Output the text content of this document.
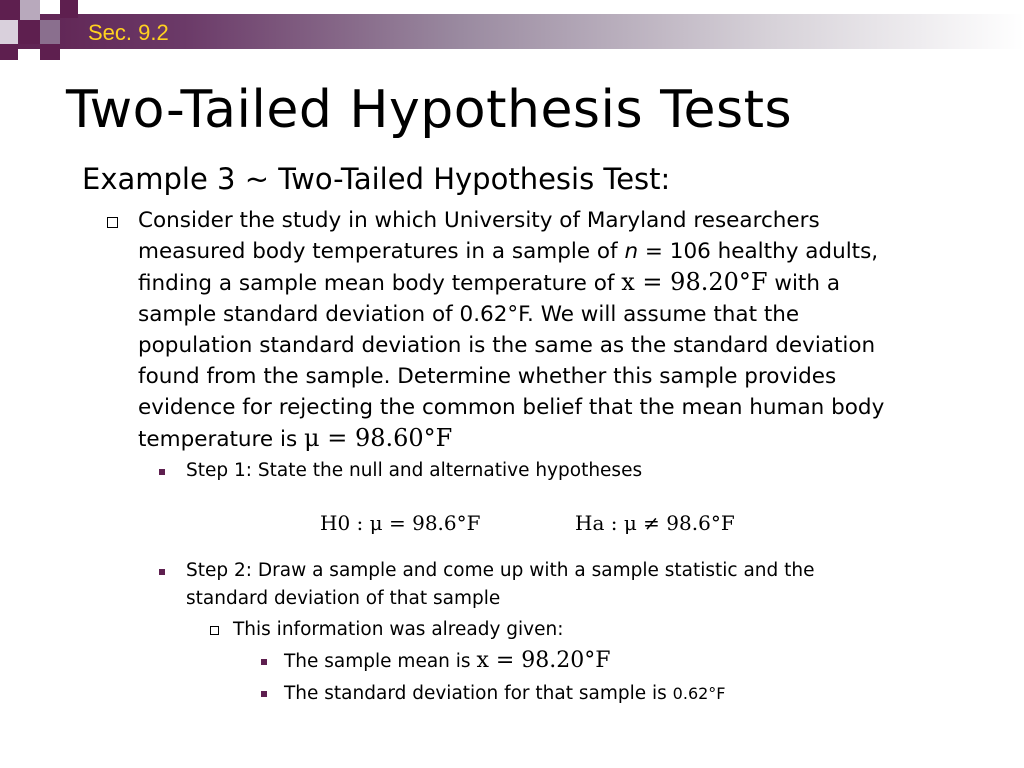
Sec. 9.2
Two-Tailed Hypothesis Tests
Example 3 ~ Two-Tailed Hypothesis Test:
Consider the study in which University of Maryland researchers
measured body temperatures in a sample of n = 106 healthy adults,
finding a sample mean body temperature of x = 98.20°F with a
sample standard deviation of 0.62°F. We will assume that the
population standard deviation is the same as the standard deviation
found from the sample. Determine whether this sample provides
evidence for rejecting the common belief that the mean human body
temperature is μ = 98.60°F
Step 1: State the null and alternative hypotheses
H0 : μ = 98.6°F	Ha : μ ≠ 98.6°F
Step 2: Draw a sample and come up with a sample statistic and the
standard deviation of that sample
This information was already given:
The sample mean is x = 98.20°F
The standard deviation for that sample is 0.62°F
